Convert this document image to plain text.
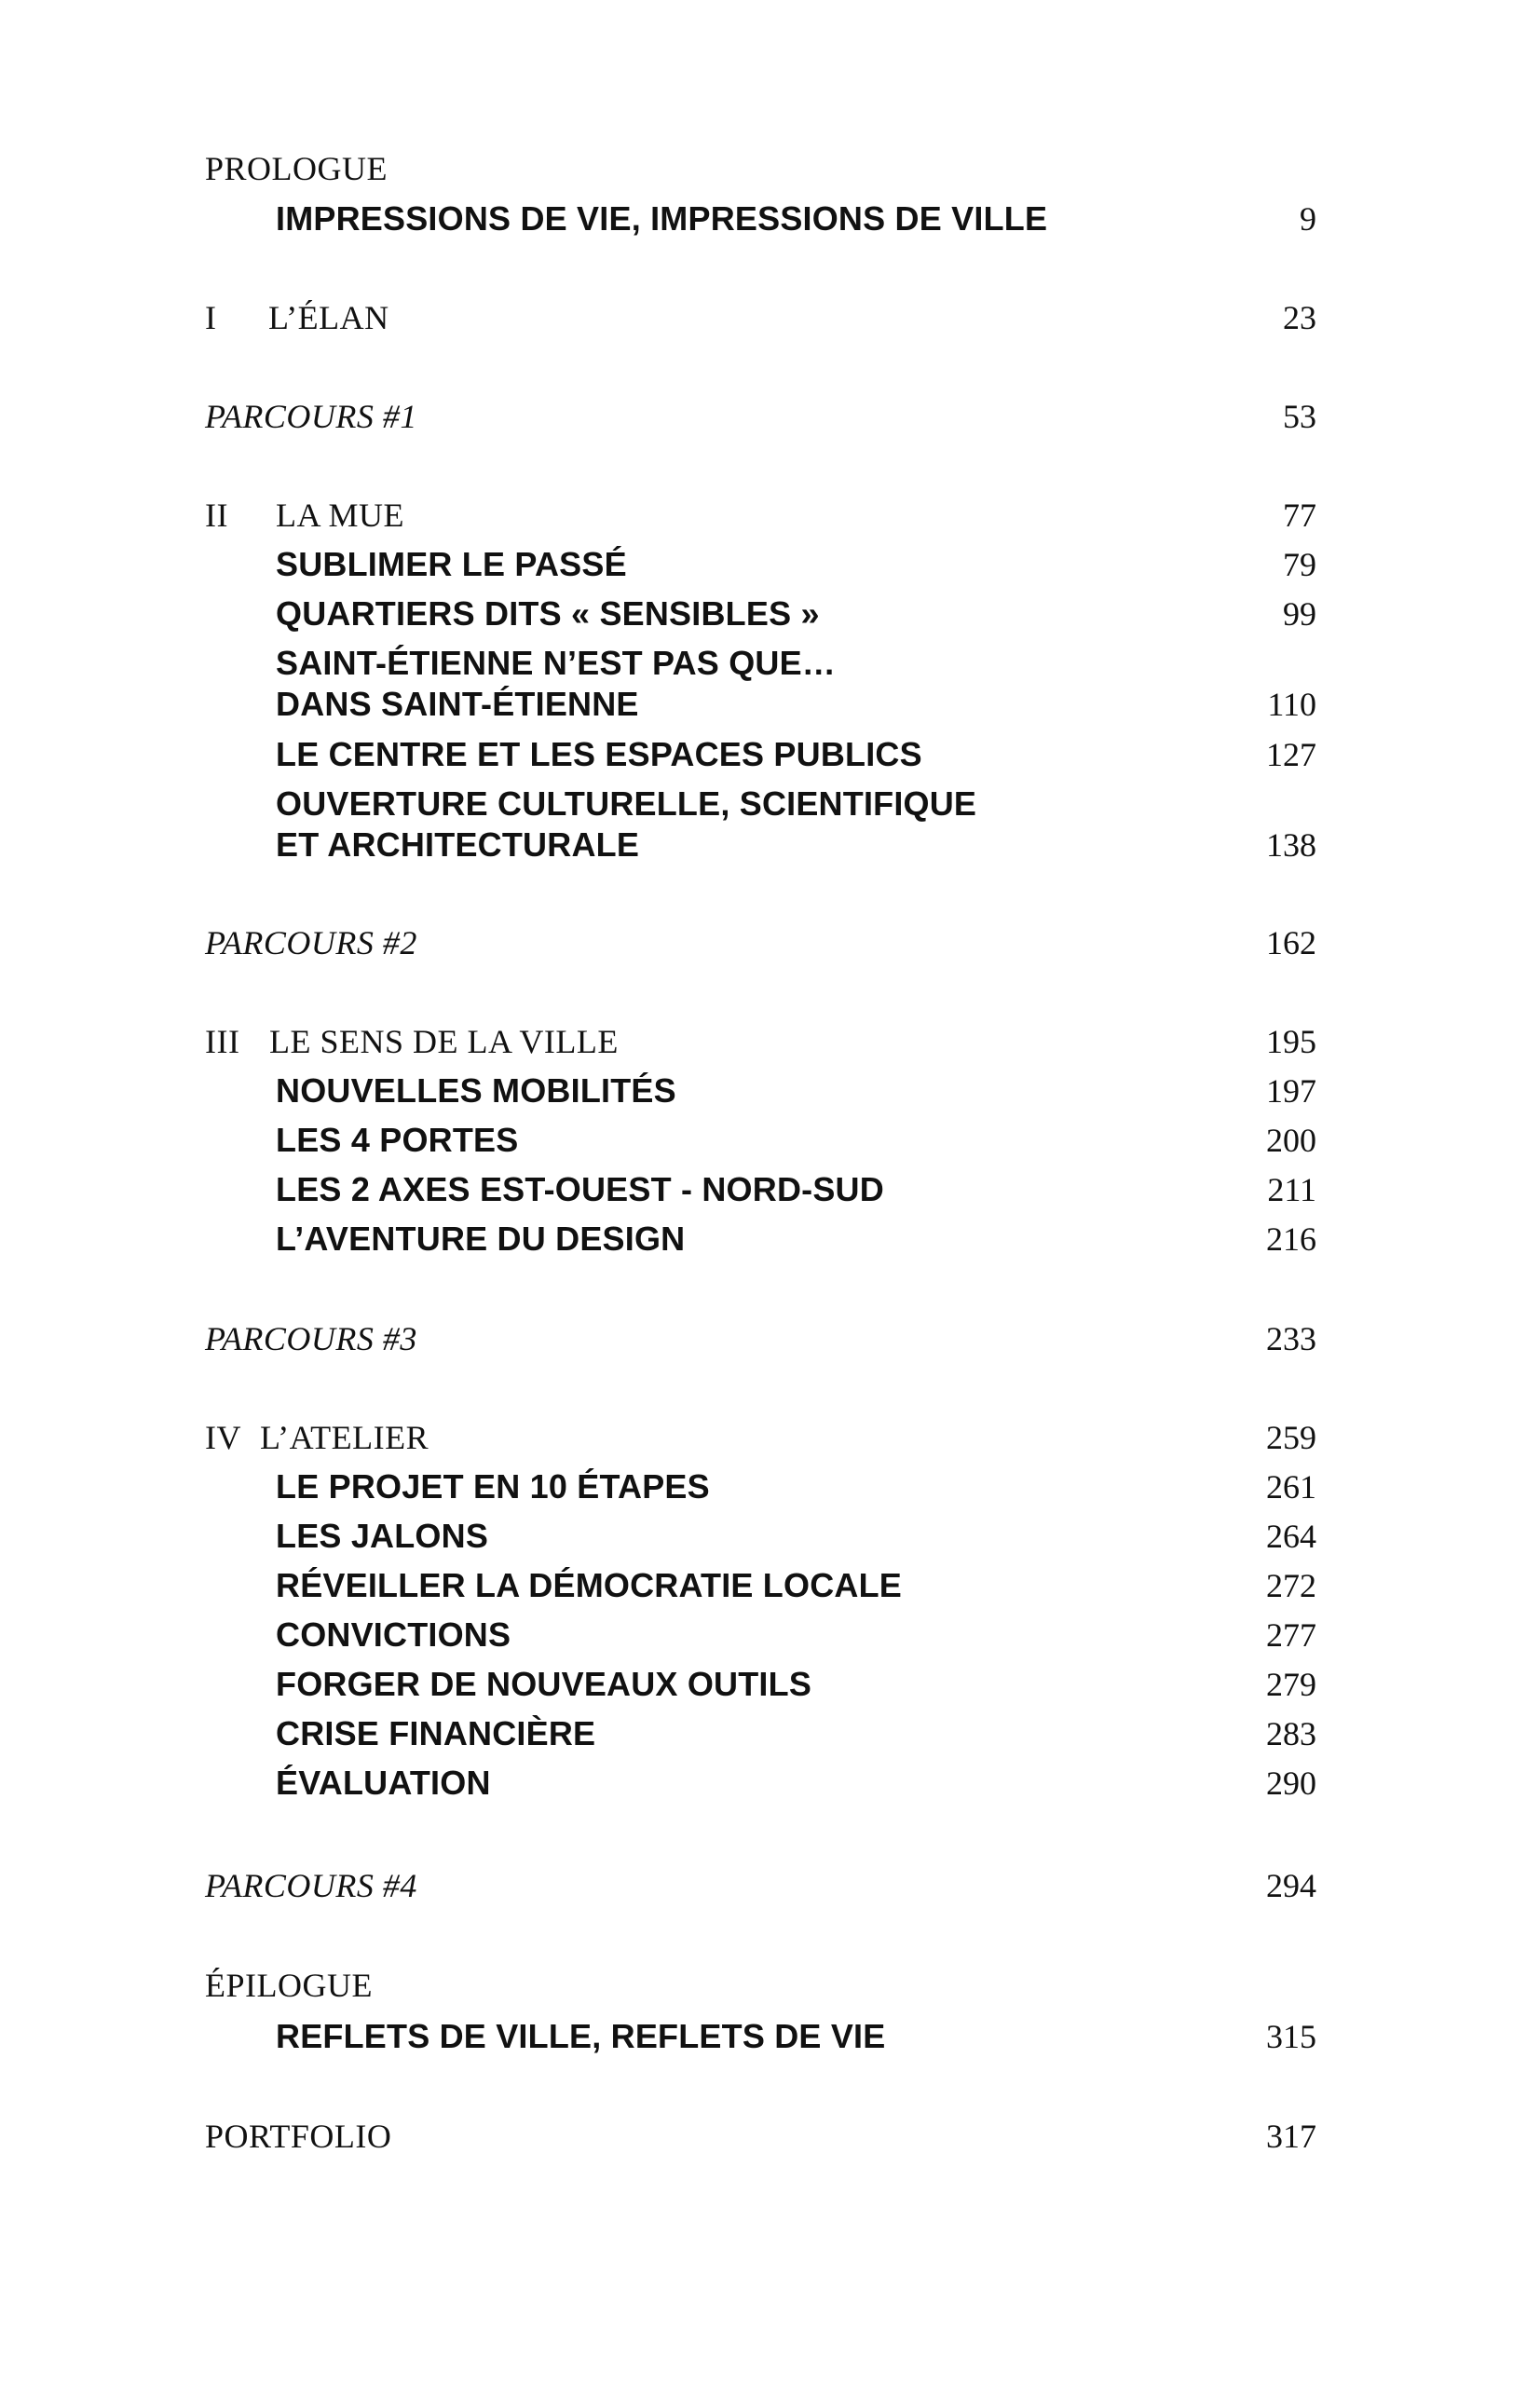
PROLOGUE
IMPRESSIONS DE VIE, IMPRESSIONS DE VILLE	9
I L’ÉLAN	23
PARCOURS #1	53
II LA MUE	77
SUBLIMER LE PASSÉ	79
QUARTIERS DITS « SENSIBLES »	99
SAINT-ÉTIENNE N’EST PAS QUE…
DANS SAINT-ÉTIENNE	110
LE CENTRE ET LES ESPACES PUBLICS	127
OUVERTURE CULTURELLE, SCIENTIFIQUE
ET ARCHITECTURALE	138
PARCOURS #2	162
III LE SENS DE LA VILLE	195
NOUVELLES MOBILITÉS	197
LES 4 PORTES	200
LES 2 AXES EST-OUEST - NORD-SUD	211
L’AVENTURE DU DESIGN	216
PARCOURS #3	233
IV L’ATELIER	259
LE PROJET EN 10 ÉTAPES	261
LES JALONS	264
RÉVEILLER LA DÉMOCRATIE LOCALE	272
CONVICTIONS	277
FORGER DE NOUVEAUX OUTILS	279
CRISE FINANCIÈRE	283
ÉVALUATION	290
PARCOURS #4	294
ÉPILOGUE
REFLETS DE VILLE, REFLETS DE VIE	315
PORTFOLIO	317
